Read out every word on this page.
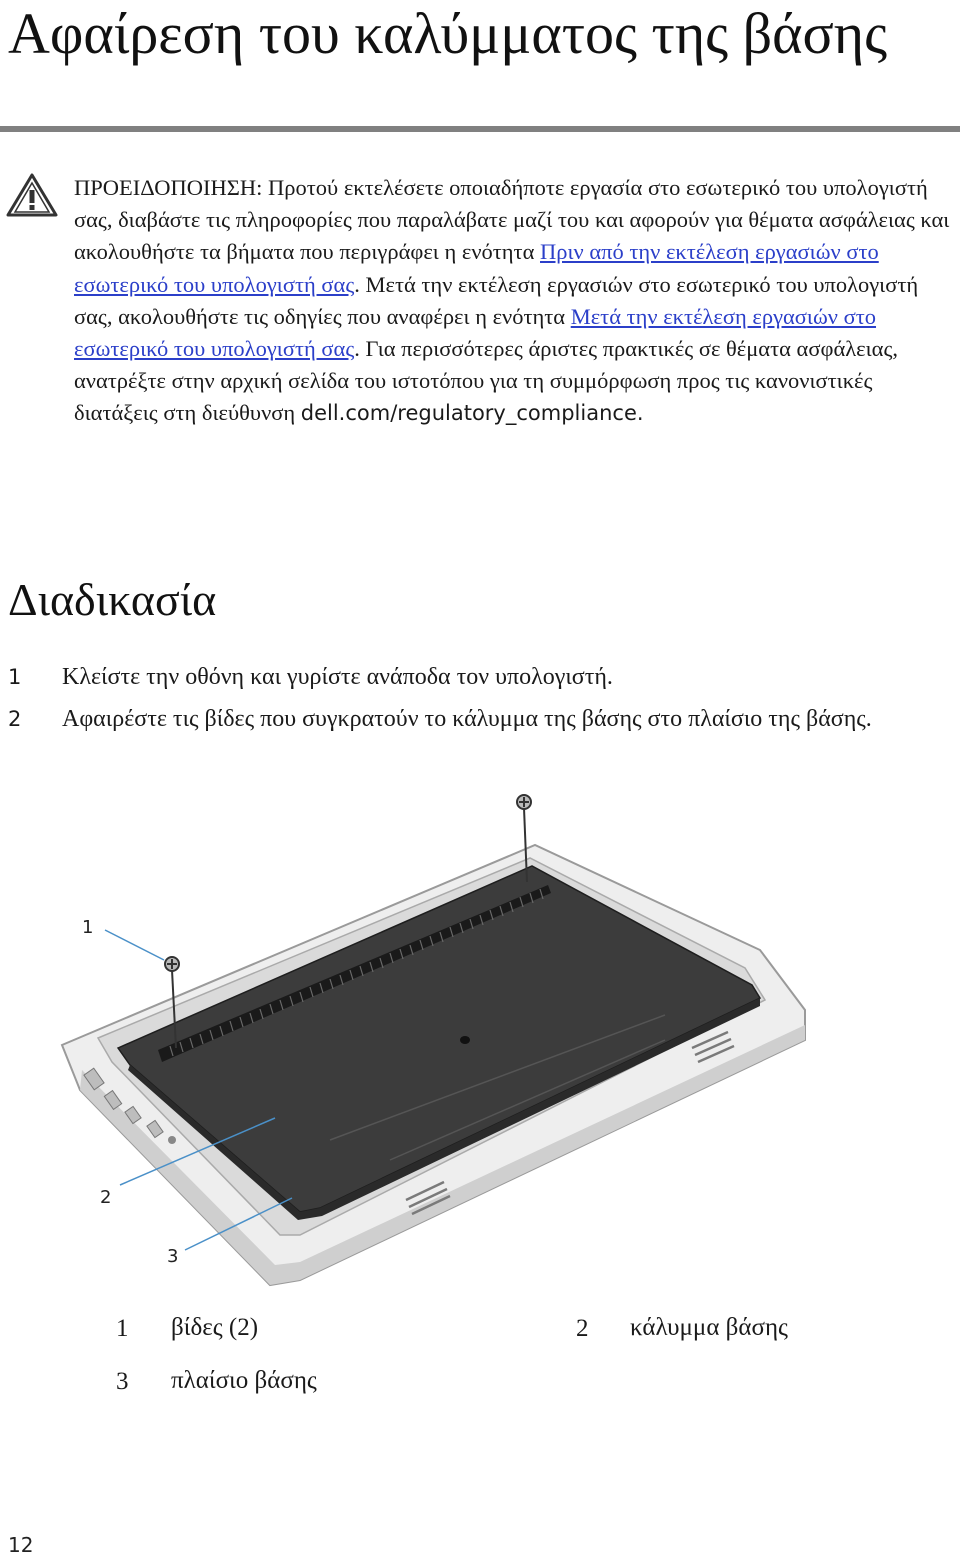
Αφαίρεση του καλύμματος της βάσης

ΠΡΟΕΙΔΟΠΟΙΗΣΗ: Προτού εκτελέσετε οποιαδήποτε εργασία στο εσωτερικό του υπολογιστή σας, διαβάστε τις πληροφορίες που παραλάβατε μαζί του και αφορούν για θέματα ασφάλειας και ακολουθήστε τα βήματα που περιγράφει η ενότητα Πριν από την εκτέλεση εργασιών στο εσωτερικό του υπολογιστή σας. Μετά την εκτέλεση εργασιών στο εσωτερικό του υπολογιστή σας, ακολουθήστε τις οδηγίες που αναφέρει η ενότητα Μετά την εκτέλεση εργασιών στο εσωτερικό του υπολογιστή σας. Για περισσότερες άριστες πρακτικές σε θέματα ασφάλειας, ανατρέξτε στην αρχική σελίδα του ιστοτόπου για τη συμμόρφωση προς τις κανονιστικές διατάξεις στη διεύθυνση dell.com/regulatory_compliance.

Διαδικασία
1 Κλείστε την οθόνη και γυρίστε ανάποδα τον υπολογιστή.
2 Αφαιρέστε τις βίδες που συγκρατούν το κάλυμμα της βάσης στο πλαίσιο της βάσης.
1
2
3
1 βίδες (2)	2 κάλυμμα βάσης
3 πλαίσιο βάσης
12
